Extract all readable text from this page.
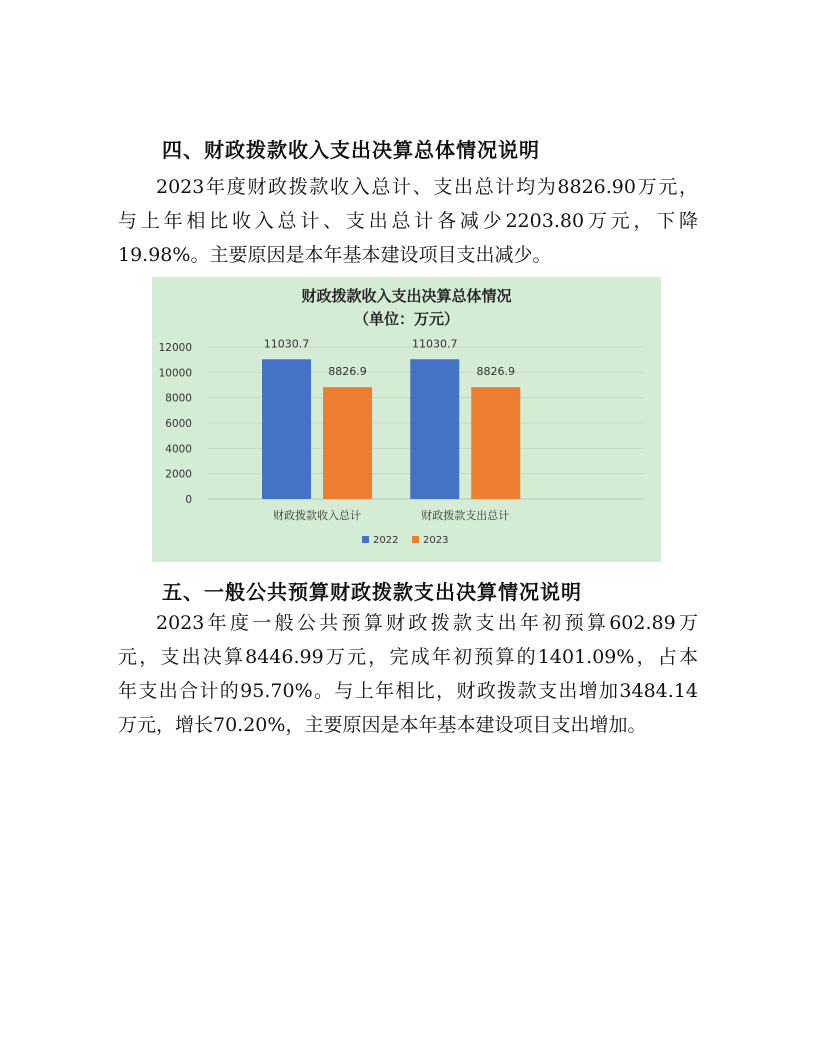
四、财政拨款收入支出决算总体情况说明

2023年度财政拨款收入总计、支出总计均为8826.90万元，
与上年相比收入总计、支出总计各减少2203.80万元，下降
19.98%。主要原因是本年基本建设项目支出减少。

财政拨款收入支出决算总体情况
（单位：万元）
0
2000
4000
6000
8000
10000
12000	11030.7
8826.9
财政拨款收入总计
11030.7
8826.9
财政拨款支出总计
2022 2023
五、一般公共预算财政拨款支出决算情况说明

2023年度一般公共预算财政拨款支出年初预算602.89万
元，支出决算8446.99万元，完成年初预算的1401.09%，占本
年支出合计的95.70%。与上年相比，财政拨款支出增加3484.14
万元，增长70.20%，主要原因是本年基本建设项目支出增加。
